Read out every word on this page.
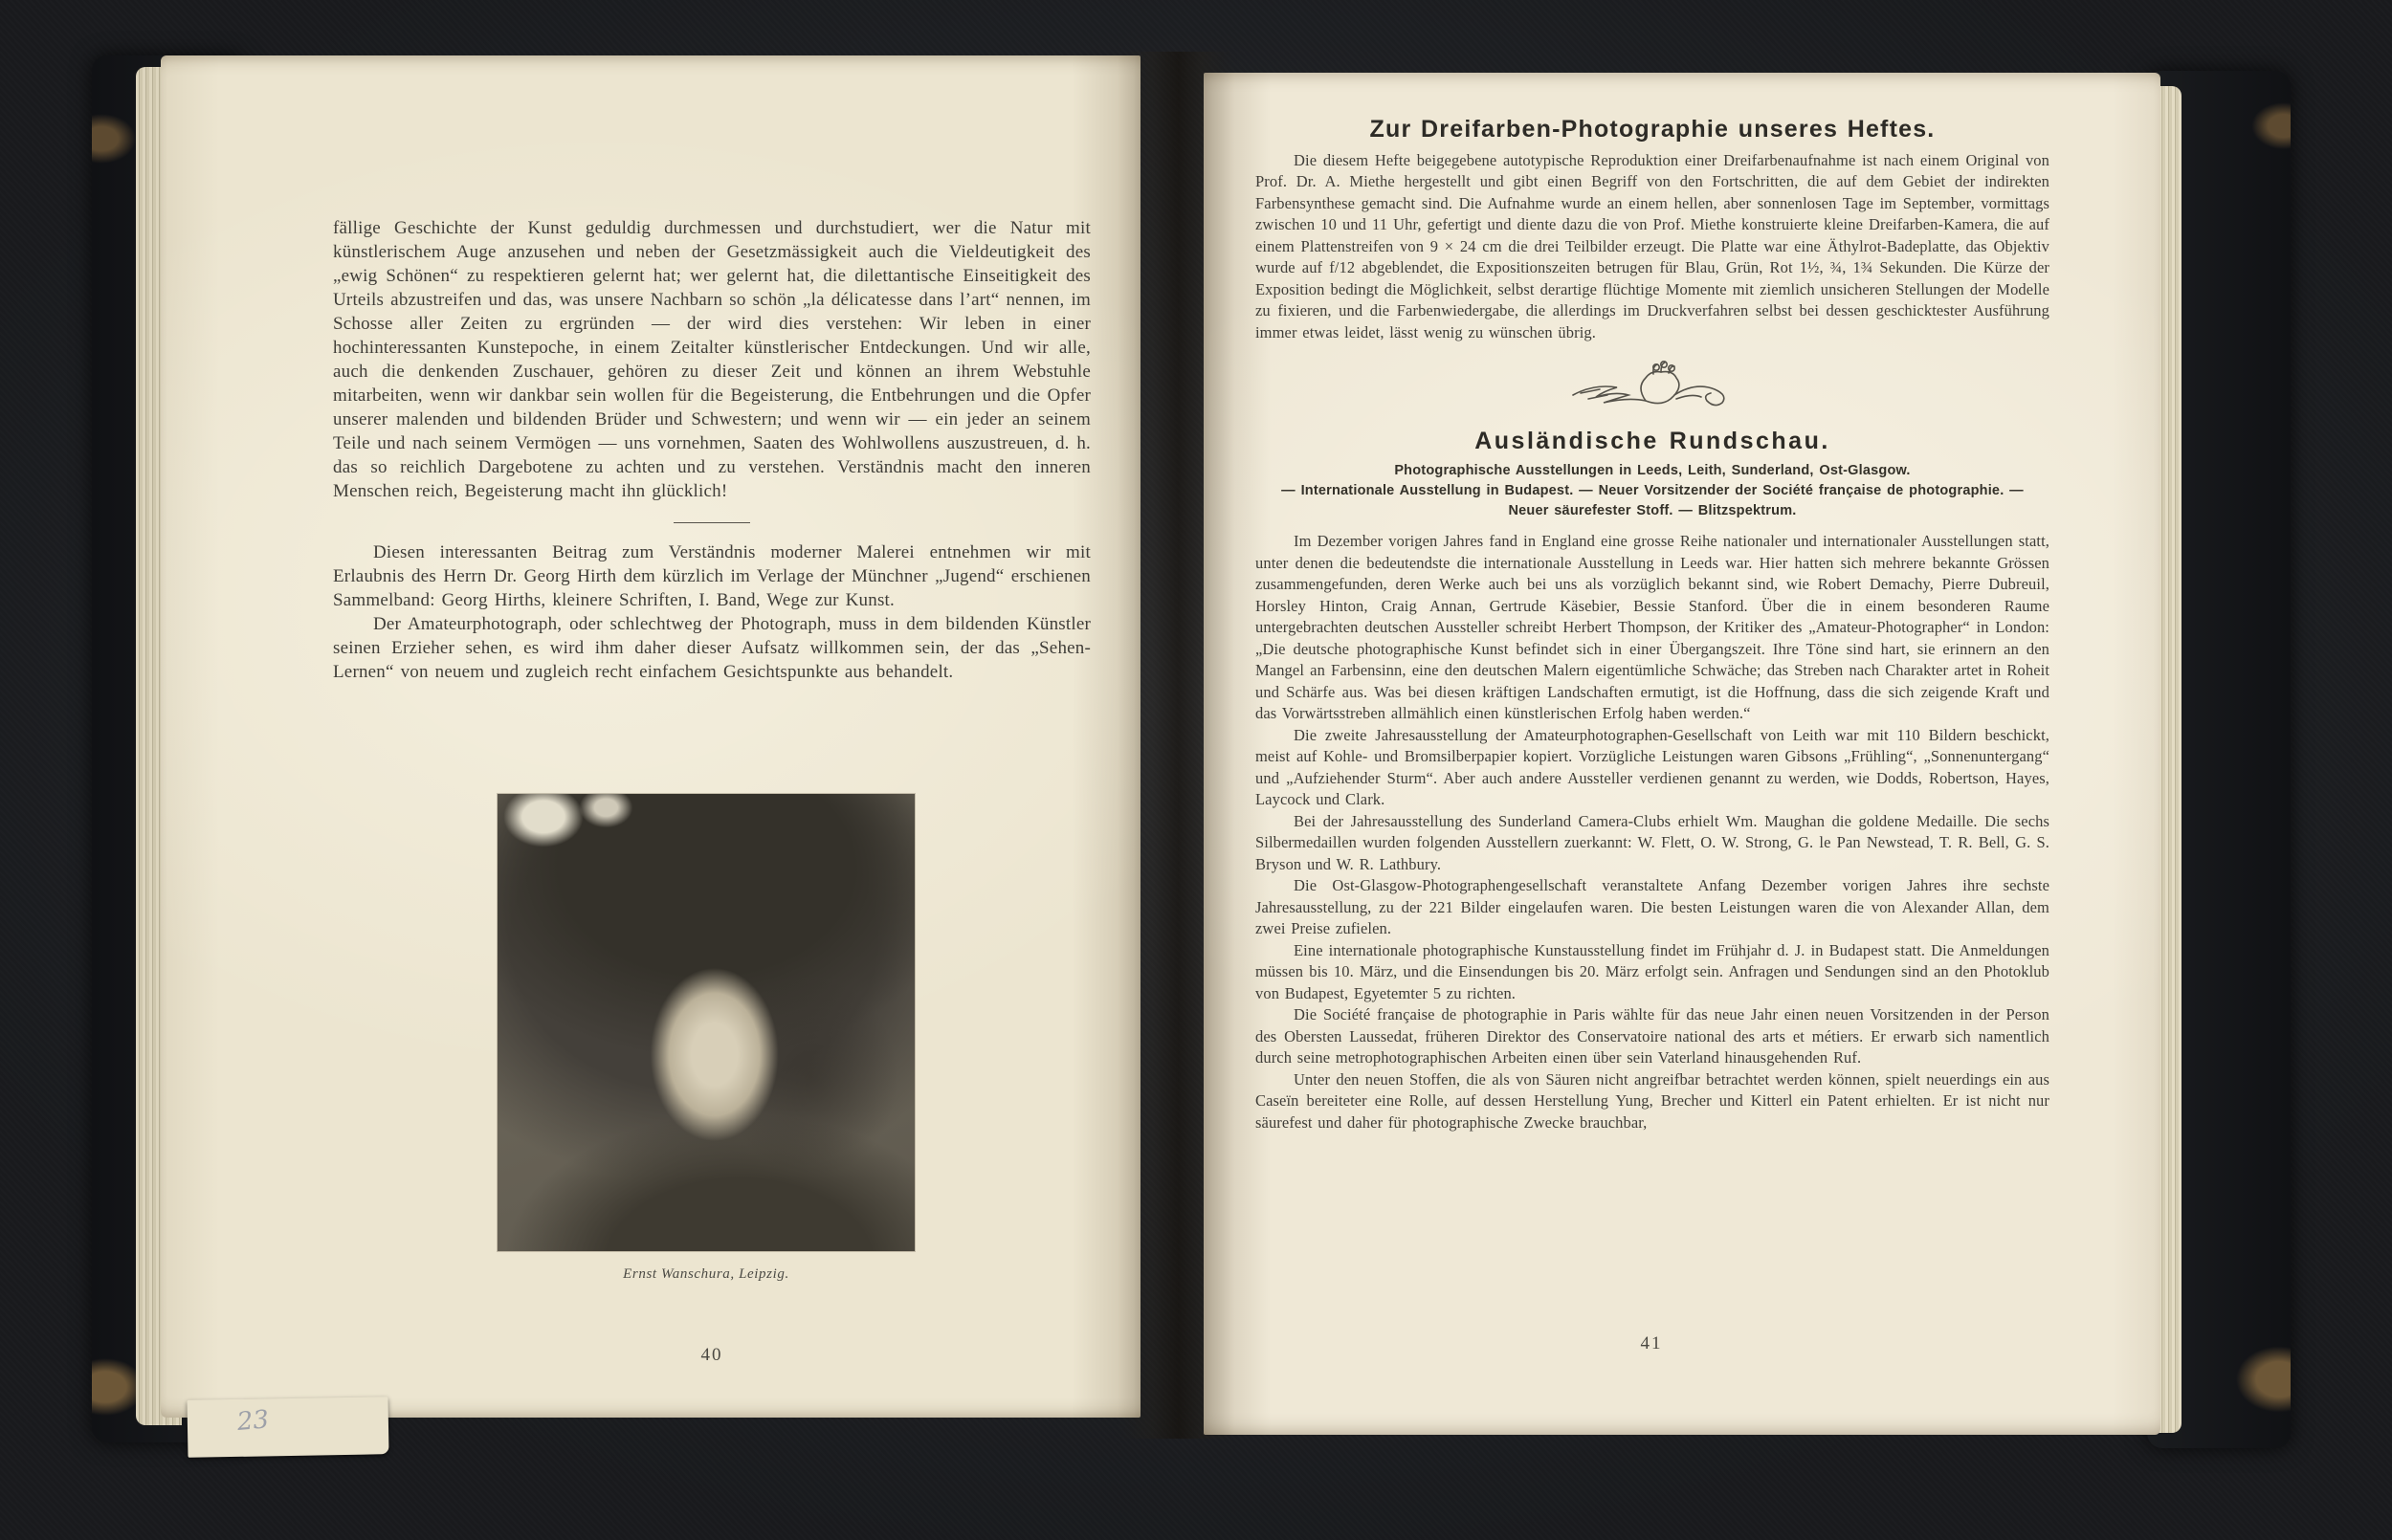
fällige Geschichte der Kunst geduldig durchmessen und durchstudiert, wer die Natur mit künstlerischem Auge anzusehen und neben der Gesetzmässigkeit auch die Vieldeutigkeit des „ewig Schönen“ zu respektieren gelernt hat; wer gelernt hat, die dilettantische Einseitigkeit des Urteils abzustreifen und das, was unsere Nachbarn so schön „la délicatesse dans l’art“ nennen, im Schosse aller Zeiten zu ergründen — der wird dies verstehen: Wir leben in einer hochinteressanten Kunstepoche, in einem Zeitalter künstlerischer Entdeckungen. Und wir alle, auch die denkenden Zuschauer, gehören zu dieser Zeit und können an ihrem Webstuhle mitarbeiten, wenn wir dankbar sein wollen für die Begeisterung, die Entbehrungen und die Opfer unserer malenden und bildenden Brüder und Schwestern; und wenn wir — ein jeder an seinem Teile und nach seinem Vermögen — uns vornehmen, Saaten des Wohlwollens auszustreuen, d. h. das so reichlich Dargebotene zu achten und zu verstehen. Verständnis macht den inneren Menschen reich, Begeisterung macht ihn glücklich!

Diesen interessanten Beitrag zum Verständnis moderner Malerei entnehmen wir mit Erlaubnis des Herrn Dr. Georg Hirth dem kürzlich im Verlage der Münchner „Jugend“ erschienen Sammelband: Georg Hirths, kleinere Schriften, I. Band, Wege zur Kunst.

Der Amateurphotograph, oder schlechtweg der Photograph, muss in dem bildenden Künstler seinen Erzieher sehen, es wird ihm daher dieser Aufsatz willkommen sein, der das „Sehen-Lernen“ von neuem und zugleich recht einfachem Gesichtspunkte aus behandelt.

Ernst Wanschura, Leipzig.
40
Zur Dreifarben-Photographie unseres Heftes.

Die diesem Hefte beigegebene autotypische Reproduktion einer Dreifarbenaufnahme ist nach einem Original von Prof. Dr. A. Miethe hergestellt und gibt einen Begriff von den Fortschritten, die auf dem Gebiet der indirekten Farbensynthese gemacht sind. Die Aufnahme wurde an einem hellen, aber sonnenlosen Tage im September, vormittags zwischen 10 und 11 Uhr, gefertigt und diente dazu die von Prof. Miethe konstruierte kleine Dreifarben-Kamera, die auf einem Plattenstreifen von 9 × 24 cm die drei Teilbilder erzeugt. Die Platte war eine Äthylrot-Badeplatte, das Objektiv wurde auf f/12 abgeblendet, die Expositionszeiten betrugen für Blau, Grün, Rot 1½, ¾, 1¾ Sekunden. Die Kürze der Exposition bedingt die Möglichkeit, selbst derartige flüchtige Momente mit ziemlich unsicheren Stellungen der Modelle zu fixieren, und die Farbenwiedergabe, die allerdings im Druckverfahren selbst bei dessen geschicktester Ausführung immer etwas leidet, lässt wenig zu wünschen übrig.

Ausländische Rundschau.
Photographische Ausstellungen in Leeds, Leith, Sunderland, Ost-Glasgow.
— Internationale Ausstellung in Budapest. — Neuer Vorsitzender der Société française de photographie. —
Neuer säurefester Stoff. — Blitzspektrum.

Im Dezember vorigen Jahres fand in England eine grosse Reihe nationaler und internationaler Ausstellungen statt, unter denen die bedeutendste die internationale Ausstellung in Leeds war. Hier hatten sich mehrere bekannte Grössen zusammengefunden, deren Werke auch bei uns als vorzüglich bekannt sind, wie Robert Demachy, Pierre Dubreuil, Horsley Hinton, Craig Annan, Gertrude Käsebier, Bessie Stanford. Über die in einem besonderen Raume untergebrachten deutschen Aussteller schreibt Herbert Thompson, der Kritiker des „Amateur-Photographer“ in London: „Die deutsche photographische Kunst befindet sich in einer Übergangszeit. Ihre Töne sind hart, sie erinnern an den Mangel an Farbensinn, eine den deutschen Malern eigentümliche Schwäche; das Streben nach Charakter artet in Roheit und Schärfe aus. Was bei diesen kräftigen Landschaften ermutigt, ist die Hoffnung, dass die sich zeigende Kraft und das Vorwärtsstreben allmählich einen künstlerischen Erfolg haben werden.“

Die zweite Jahresausstellung der Amateurphotographen-Gesellschaft von Leith war mit 110 Bildern beschickt, meist auf Kohle- und Bromsilberpapier kopiert. Vorzügliche Leistungen waren Gibsons „Frühling“, „Sonnenuntergang“ und „Aufziehender Sturm“. Aber auch andere Aussteller verdienen genannt zu werden, wie Dodds, Robertson, Hayes, Laycock und Clark.

Bei der Jahresausstellung des Sunderland Camera-Clubs erhielt Wm. Maughan die goldene Medaille. Die sechs Silbermedaillen wurden folgenden Ausstellern zuerkannt: W. Flett, O. W. Strong, G. le Pan Newstead, T. R. Bell, G. S. Bryson und W. R. Lathbury.

Die Ost-Glasgow-Photographengesellschaft veranstaltete Anfang Dezember vorigen Jahres ihre sechste Jahresausstellung, zu der 221 Bilder eingelaufen waren. Die besten Leistungen waren die von Alexander Allan, dem zwei Preise zufielen.

Eine internationale photographische Kunstausstellung findet im Frühjahr d. J. in Budapest statt. Die Anmeldungen müssen bis 10. März, und die Einsendungen bis 20. März erfolgt sein. Anfragen und Sendungen sind an den Photoklub von Budapest, Egyetemter 5 zu richten.

Die Société française de photographie in Paris wählte für das neue Jahr einen neuen Vorsitzenden in der Person des Obersten Laussedat, früheren Direktor des Conservatoire national des arts et métiers. Er erwarb sich namentlich durch seine metrophotographischen Arbeiten einen über sein Vaterland hinausgehenden Ruf.

Unter den neuen Stoffen, die als von Säuren nicht angreifbar betrachtet werden können, spielt neuerdings ein aus Caseïn bereiteter eine Rolle, auf dessen Herstellung Yung, Brecher und Kitterl ein Patent erhielten. Er ist nicht nur säurefest und daher für photographische Zwecke brauchbar,

41
23
